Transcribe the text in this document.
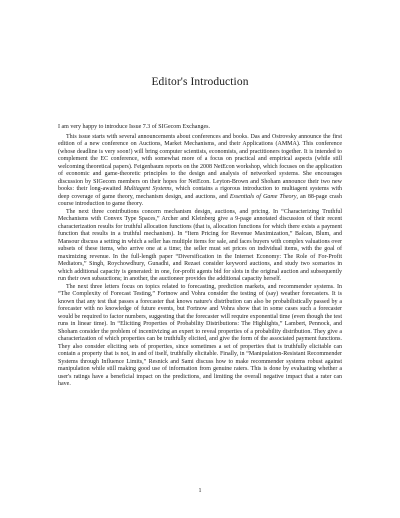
Editor's Introduction

I am very happy to introduce Issue 7.3 of SIGecom Exchanges.

This issue starts with several announcements about conferences and books. Das and Ostrovsky announce the first edition of a new conference on Auctions, Market Mechanisms, and their Applications (AMMA). This conference (whose deadline is very soon!) will bring computer scientists, economists, and practitioners together. It is intended to complement the EC conference, with somewhat more of a focus on practical and empirical aspects (while still welcoming theoretical papers). Feigenbaum reports on the 2008 NetEcon workshop, which focuses on the application of economic and game-theoretic principles to the design and analysis of networked systems. She encourages discussion by SIGecom members on their hopes for NetEcon. Leyton-Brown and Shoham announce their two new books: their long-awaited Multiagent Systems, which contains a rigorous introduction to multiagent systems with deep coverage of game theory, mechanism design, and auctions, and Essentials of Game Theory, an 88-page crash course introduction to game theory.

The next three contributions concern mechanism design, auctions, and pricing. In “Characterizing Truthful Mechanisms with Convex Type Spaces,” Archer and Kleinberg give a 9-page annotated discussion of their recent characterization results for truthful allocation functions (that is, allocation functions for which there exists a payment function that results in a truthful mechanism). In “Item Pricing for Revenue Maximization,” Balcan, Blum, and Mansour discuss a setting in which a seller has multiple items for sale, and faces buyers with complex valuations over subsets of these items, who arrive one at a time; the seller must set prices on individual items, with the goal of maximizing revenue. In the full-length paper “Diversification in the Internet Economy: The Role of For-Profit Mediators,” Singh, Roychowdhury, Gunadhi, and Rezaei consider keyword auctions, and study two scenarios in which additional capacity is generated: in one, for-profit agents bid for slots in the original auction and subsequently run their own subauctions; in another, the auctioneer provides the additional capacity herself.

The next three letters focus on topics related to forecasting, prediction markets, and recommender systems. In “The Complexity of Forecast Testing,” Fortnow and Vohra consider the testing of (say) weather forecasters. It is known that any test that passes a forecaster that knows nature's distribution can also be probabilistically passed by a forecaster with no knowledge of future events, but Fortnow and Vohra show that in some cases such a forecaster would be required to factor numbers, suggesting that the forecaster will require exponential time (even though the test runs in linear time). In “Eliciting Properties of Probability Distributions: The Highlights,” Lambert, Pennock, and Shoham consider the problem of incentivizing an expert to reveal properties of a probability distribution. They give a characterization of which properties can be truthfully elicited, and give the form of the associated payment functions. They also consider eliciting sets of properties, since sometimes a set of properties that is truthfully elicitable can contain a property that is not, in and of itself, truthfully elicitable. Finally, in “Manipulation-Resistant Recommender Systems through Influence Limits,” Resnick and Sami discuss how to make recommender systems robust against manipulation while still making good use of information from genuine raters. This is done by evaluating whether a user's ratings have a beneficial impact on the predictions, and limiting the overall negative impact that a rater can have.

1
